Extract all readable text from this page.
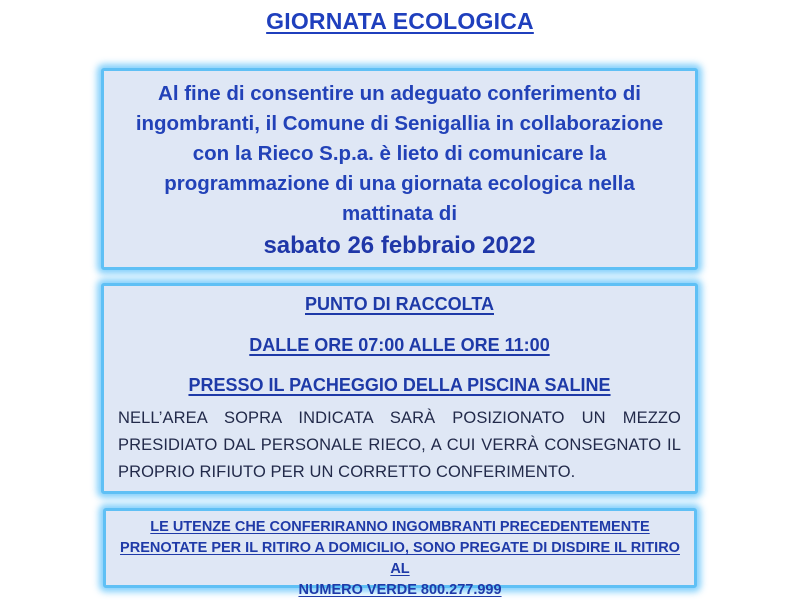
GIORNATA ECOLOGICA
Al fine di consentire un adeguato conferimento di
ingombranti, il Comune di Senigallia in collaborazione
con la Rieco S.p.a. è lieto di comunicare la
programmazione di una giornata ecologica nella
mattinata di
sabato 26 febbraio 2022
PUNTO DI RACCOLTA
DALLE ORE 07:00 ALLE ORE 11:00
PRESSO IL PACHEGGIO DELLA PISCINA SALINE
NELL’AREA SOPRA INDICATA SARÀ POSIZIONATO UN MEZZO PRESIDIATO DAL PERSONALE RIECO, A CUI VERRÀ CONSEGNATO IL PROPRIO RIFIUTO PER UN CORRETTO CONFERIMENTO.
LE UTENZE CHE CONFERIRANNO INGOMBRANTI PRECEDENTEMENTE
PRENOTATE PER IL RITIRO A DOMICILIO, SONO PREGATE DI DISDIRE IL RITIRO AL
NUMERO VERDE 800.277.999
